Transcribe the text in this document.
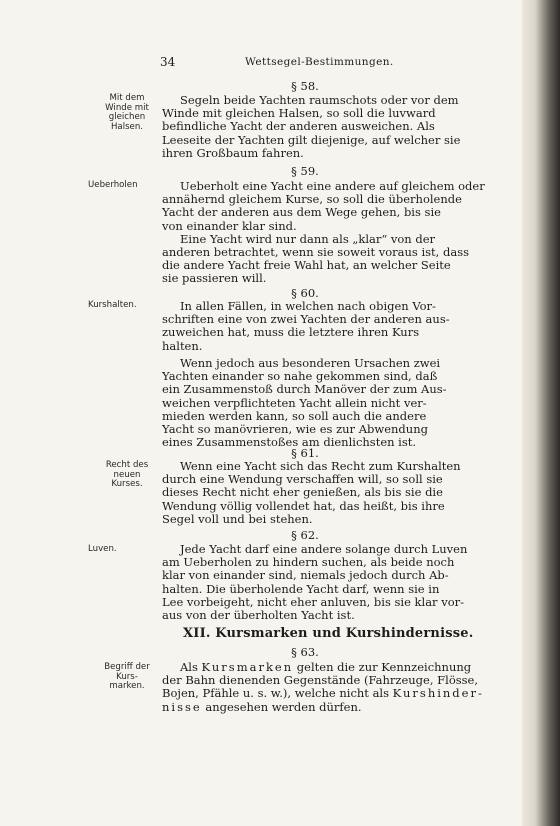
34	Wettsegel-Bestimmungen.
§ 58.
Mit dem
Winde mit
gleichen
Halsen.
Segeln beide Yachten raumschots oder vor dem
Winde mit gleichen Halsen, so soll die luvward
befindliche Yacht der anderen ausweichen. Als
Leeseite der Yachten gilt diejenige, auf welcher sie
ihren Großbaum fahren.
§ 59.
Ueberholen	Ueberholt eine Yacht eine andere auf gleichem oder
annähernd gleichem Kurse, so soll die überholende
Yacht der anderen aus dem Wege gehen, bis sie
von einander klar sind.
Eine Yacht wird nur dann als „klar“ von der
anderen betrachtet, wenn sie soweit voraus ist, dass
die andere Yacht freie Wahl hat, an welcher Seite
sie passieren will.
§ 60.
Kurshalten.	In allen Fällen, in welchen nach obigen Vor-
schriften eine von zwei Yachten der anderen aus-
zuweichen hat, muss die letztere ihren Kurs
halten.
Wenn jedoch aus besonderen Ursachen zwei
Yachten einander so nahe gekommen sind, daß
ein Zusammenstoß durch Manöver der zum Aus-
weichen verpflichteten Yacht allein nicht ver-
mieden werden kann, so soll auch die andere
Yacht so manövrieren, wie es zur Abwendung
eines Zusammenstoßes am dienlichsten ist.
§ 61.
Recht des
neuen
Kurses.
Wenn eine Yacht sich das Recht zum Kurshalten
durch eine Wendung verschaffen will, so soll sie
dieses Recht nicht eher genießen, als bis sie die
Wendung völlig vollendet hat, das heißt, bis ihre
Segel voll und bei stehen.
§ 62.
Luven.	Jede Yacht darf eine andere solange durch Luven
am Ueberholen zu hindern suchen, als beide noch
klar von einander sind, niemals jedoch durch Ab-
halten. Die überholende Yacht darf, wenn sie in
Lee vorbeigeht, nicht eher anluven, bis sie klar vor-
aus von der überholten Yacht ist.
XII. Kursmarken und Kurshindernisse.
§ 63.
Begriff der
Kurs-
marken.
Als Kursmarken gelten die zur Kennzeichnung
der Bahn dienenden Gegenstände (Fahrzeuge, Flösse,
Bojen, Pfähle u. s. w.), welche nicht als Kurshinder-
nisse angesehen werden dürfen.
